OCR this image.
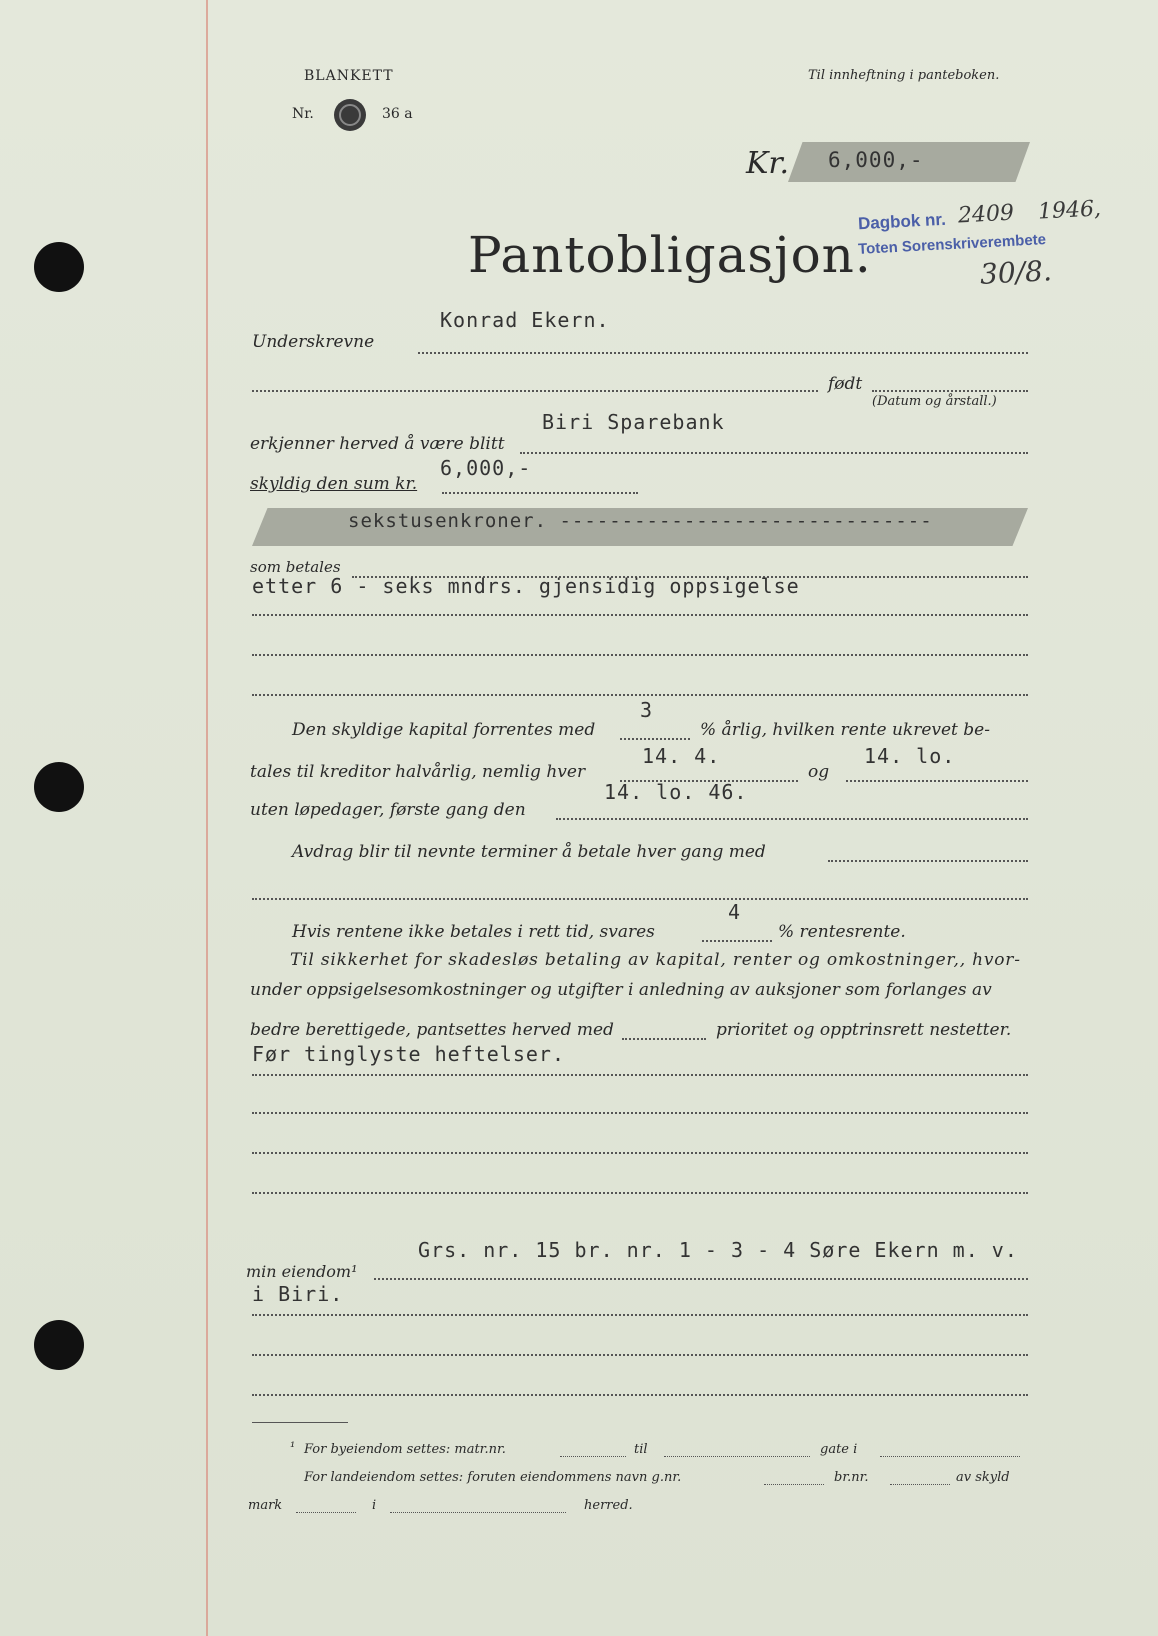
BLANKETT
Nr.	36 a
Til innheftning i panteboken.
Kr. 6,000,-
Dagbok nr. 2409 1946,
Toten Sorenskriverembete
30/8.
Pantobligasjon.
Konrad Ekern.
Underskrevne
født
(Datum og årstall.)
Biri Sparebank
erkjenner herved å være blitt
6,000,-
skyldig den sum kr.
sekstusenkroner. ------------------------------
som betales
etter 6 - seks mndrs. gjensidig oppsigelse
3
Den skyldige kapital forrentes med	% årlig, hvilken rente ukrevet be-
14. 4.	14. lo.
tales til kreditor halvårlig, nemlig hver	og
14. lo. 46.
uten løpedager, første gang den
Avdrag blir til nevnte terminer å betale hver gang med
4
Hvis rentene ikke betales i rett tid, svares	% rentesrente.
Til sikkerhet for skadesløs betaling av kapital, renter og omkostninger,, hvor-
under oppsigelsesomkostninger og utgifter i anledning av auksjoner som forlanges av
bedre berettigede, pantsettes herved med	prioritet og opptrinsrett nestetter.
Før tinglyste heftelser.
Grs. nr. 15 br. nr. 1 - 3 - 4 Søre Ekern m. v.
min eiendom¹
i Biri.
¹ For byeiendom settes: matr.nr.	til	gate i
For landeiendom settes: foruten eiendommens navn g.nr.	br.nr.	av skyld
mark	i	herred.
